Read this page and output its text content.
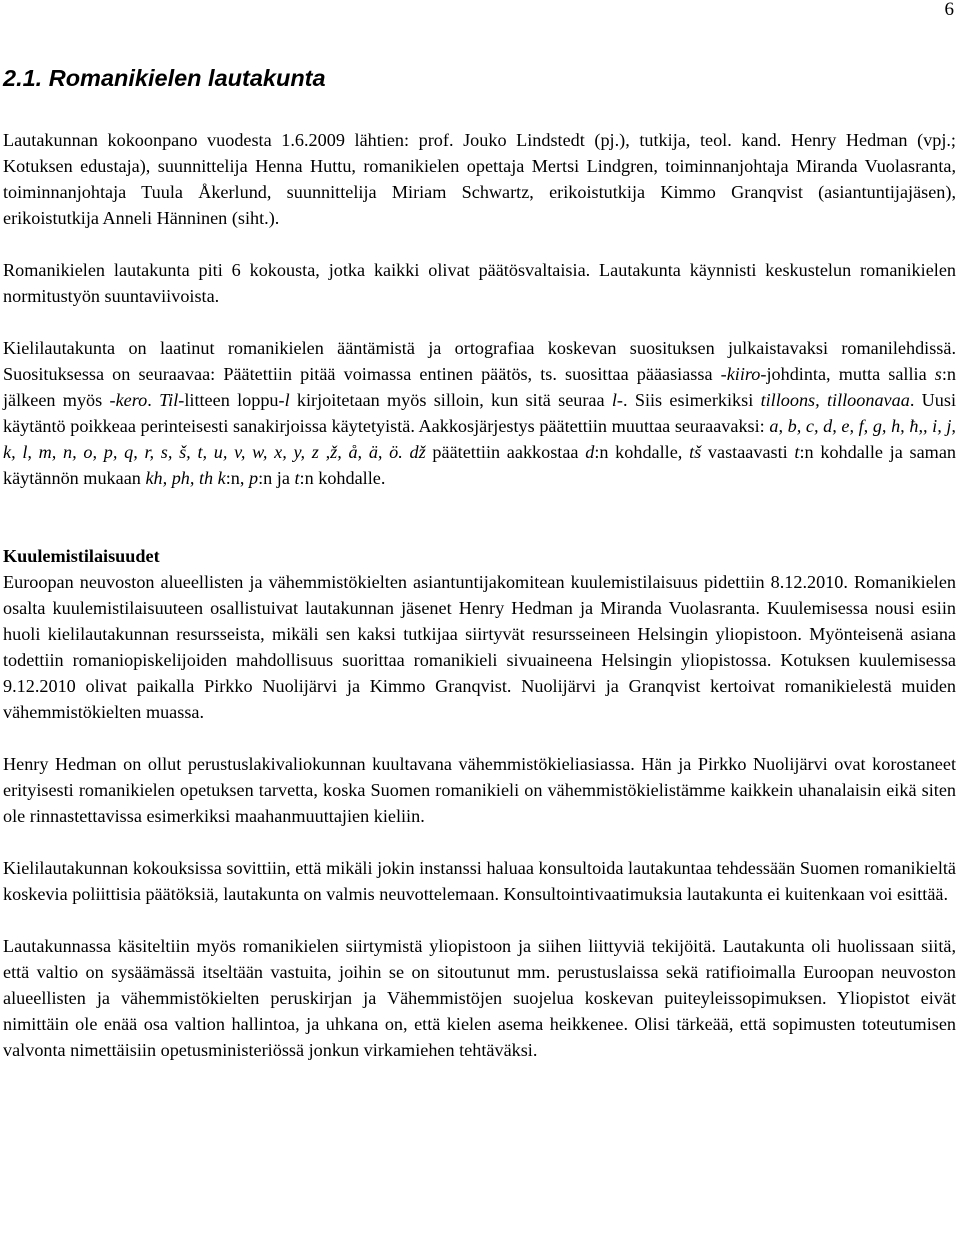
6
2.1. Romanikielen lautakunta

Lautakunnan kokoonpano vuodesta 1.6.2009 lähtien: prof. Jouko Lindstedt (pj.), tutkija, teol. kand. Henry Hedman (vpj.; Kotuksen edustaja), suunnittelija Henna Huttu, romanikielen opettaja Mertsi Lindgren, toiminnanjohtaja Miranda Vuolasranta, toiminnanjohtaja Tuula Åkerlund, suunnittelija Miriam Schwartz, erikoistutkija Kimmo Granqvist (asiantuntijajäsen), erikoistutkija Anneli Hänninen (siht.).

Romanikielen lautakunta piti 6 kokousta, jotka kaikki olivat päätösvaltaisia. Lautakunta käynnisti keskustelun romanikielen normitustyön suuntaviivoista.

Kielilautakunta on laatinut romanikielen ääntämistä ja ortografiaa koskevan suosituksen julkaistavaksi romanilehdissä. Suosituksessa on seuraavaa: Päätettiin pitää voimassa entinen päätös, ts. suosittaa pääasiassa -kiiro-johdinta, mutta sallia s:n jälkeen myös -kero. Til-litteen loppu-l kirjoitetaan myös silloin, kun sitä seuraa l-. Siis esimerkiksi tilloons, tilloonavaa. Uusi käytäntö poikkeaa perinteisesti sanakirjoissa käytetyistä. Aakkosjärjestys päätettiin muuttaa seuraavaksi: a, b, c, d, e, f, g, h, ħ,, i, j, k, l, m, n, o, p, q, r, s, š, t, u, v, w, x, y, z ,ž, å, ä, ö. dž päätettiin aakkostaa d:n kohdalle, tš vastaavasti t:n kohdalle ja saman käytännön mukaan kh, ph, th k:n, p:n ja t:n kohdalle.

Kuulemistilaisuudet

Euroopan neuvoston alueellisten ja vähemmistökielten asiantuntijakomitean kuulemistilaisuus pidettiin 8.12.2010. Romanikielen osalta kuulemistilaisuuteen osallistuivat lautakunnan jäsenet Henry Hedman ja Miranda Vuolasranta. Kuulemisessa nousi esiin huoli kielilautakunnan resursseista, mikäli sen kaksi tutkijaa siirtyvät resursseineen Helsingin yliopistoon. Myönteisenä asiana todettiin romaniopiskelijoiden mahdollisuus suorittaa romanikieli sivuaineena Helsingin yliopistossa. Kotuksen kuulemisessa 9.12.2010 olivat paikalla Pirkko Nuolijärvi ja Kimmo Granqvist. Nuolijärvi ja Granqvist kertoivat romanikielestä muiden vähemmistökielten muassa.

Henry Hedman on ollut perustuslakivaliokunnan kuultavana vähemmistökieliasiassa. Hän ja Pirkko Nuolijärvi ovat korostaneet erityisesti romanikielen opetuksen tarvetta, koska Suomen romanikieli on vähemmistökielistämme kaikkein uhanalaisin eikä siten ole rinnastettavissa esimerkiksi maahanmuuttajien kieliin.

Kielilautakunnan kokouksissa sovittiin, että mikäli jokin instanssi haluaa konsultoida lautakuntaa tehdessään Suomen romanikieltä koskevia poliittisia päätöksiä, lautakunta on valmis neuvottelemaan. Konsultointivaatimuksia lautakunta ei kuitenkaan voi esittää.

Lautakunnassa käsiteltiin myös romanikielen siirtymistä yliopistoon ja siihen liittyviä tekijöitä. Lautakunta oli huolissaan siitä, että valtio on sysäämässä itseltään vastuita, joihin se on sitoutunut mm. perustuslaissa sekä ratifioimalla Euroopan neuvoston alueellisten ja vähemmistökielten peruskirjan ja Vähemmistöjen suojelua koskevan puiteyleissopimuksen. Yliopistot eivät nimittäin ole enää osa valtion hallintoa, ja uhkana on, että kielen asema heikkenee. Olisi tärkeää, että sopimusten toteutumisen valvonta nimettäisiin opetusministeriössä jonkun virkamiehen tehtäväksi.
